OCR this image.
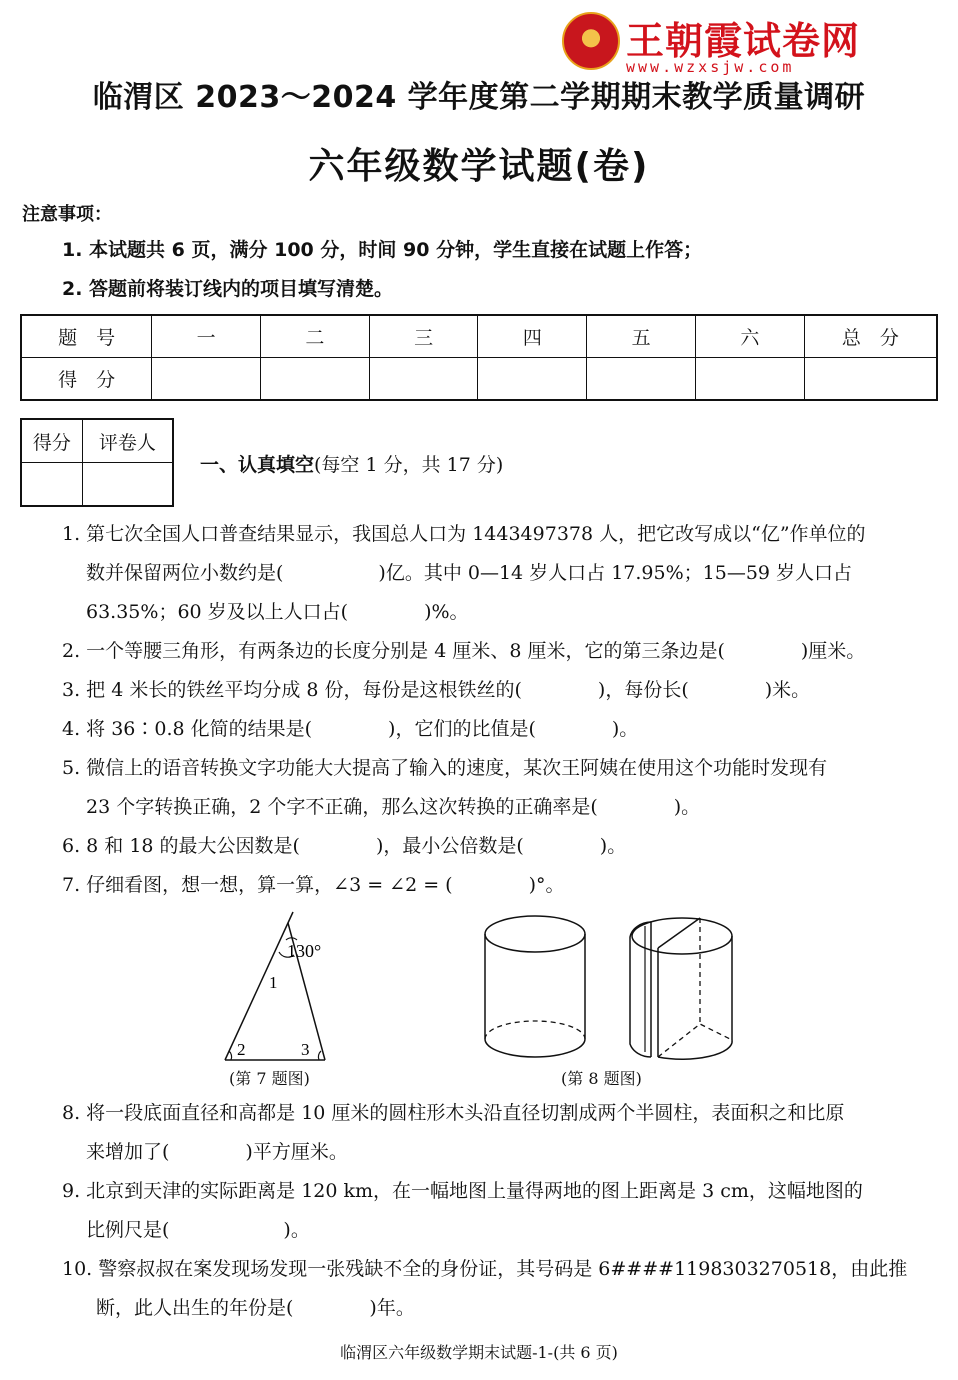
王朝霞试卷网
www.wzxsjw.com
临渭区 2023～2024 学年度第二学期期末教学质量调研
六年级数学试题(卷)
注意事项：
1. 本试题共 6 页，满分 100 分，时间 90 分钟，学生直接在试题上作答；
2. 答题前将装订线内的项目填写清楚。
题　号	一	二	三	四	五	六	总　分
得　分							
得分	评卷人

一、认真填空(每空 1 分，共 17 分)
1. 第七次全国人口普查结果显示，我国总人口为 1443497378 人，把它改写成以“亿”作单位的
数并保留两位小数约是(　　　　　)亿。其中 0—14 岁人口占 17.95%；15—59 岁人口占
63.35%；60 岁及以上人口占(　　　　)%。
2. 一个等腰三角形，有两条边的长度分别是 4 厘米、8 厘米，它的第三条边是(　　　　)厘米。
3. 把 4 米长的铁丝平均分成 8 份，每份是这根铁丝的(　　　　)，每份长(　　　　)米。
4. 将 36∶0.8 化简的结果是(　　　　)，它们的比值是(　　　　)。
5. 微信上的语音转换文字功能大大提高了输入的速度，某次王阿姨在使用这个功能时发现有
23 个字转换正确，2 个字不正确，那么这次转换的正确率是(　　　　)。
6. 8 和 18 的最大公因数是(　　　　)，最小公倍数是(　　　　)。
7. 仔细看图，想一想，算一算，∠3 = ∠2 = (　　　　)°。
130°
1
2	3
(第 7 题图)	(第 8 题图)
8. 将一段底面直径和高都是 10 厘米的圆柱形木头沿直径切割成两个半圆柱，表面积之和比原
来增加了(　　　　)平方厘米。
9. 北京到天津的实际距离是 120 km，在一幅地图上量得两地的图上距离是 3 cm，这幅地图的
比例尺是(　　　　　　)。
10. 警察叔叔在案发现场发现一张残缺不全的身份证，其号码是 6####1198303270518，由此推
断，此人出生的年份是(　　　　)年。
临渭区六年级数学期末试题-1-(共 6 页)
